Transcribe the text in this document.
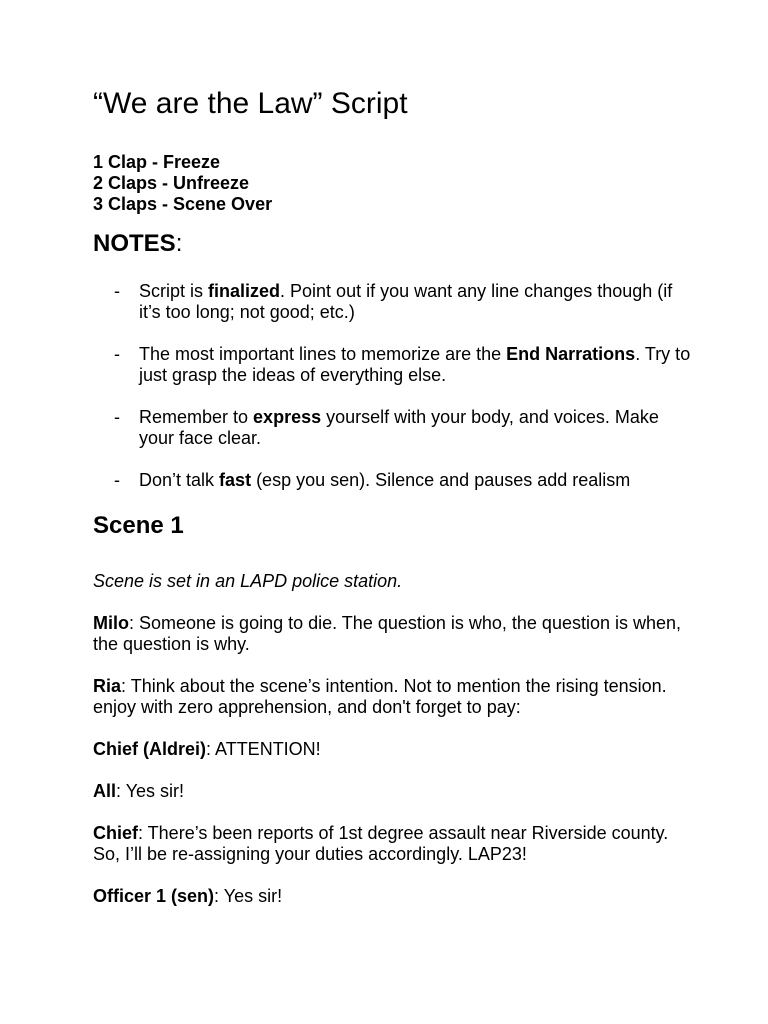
“We are the Law” Script
1 Clap - Freeze
2 Claps - Unfreeze
3 Claps - Scene Over
NOTES:
- Script is finalized. Point out if you want any line changes though (if it’s too long; not good; etc.)
- The most important lines to memorize are the End Narrations. Try to just grasp the ideas of everything else.
- Remember to express yourself with your body, and voices. Make your face clear.
- Don’t talk fast (esp you sen). Silence and pauses add realism
Scene 1

Scene is set in an LAPD police station.

Milo: Someone is going to die. The question is who, the question is when, the question is why.

Ria: Think about the scene’s intention. Not to mention the rising tension. enjoy with zero apprehension, and don't forget to pay:

Chief (Aldrei): ATTENTION!

All: Yes sir!

Chief: There’s been reports of 1st degree assault near Riverside county. So, I’ll be re-assigning your duties accordingly. LAP23!

Officer 1 (sen): Yes sir!
